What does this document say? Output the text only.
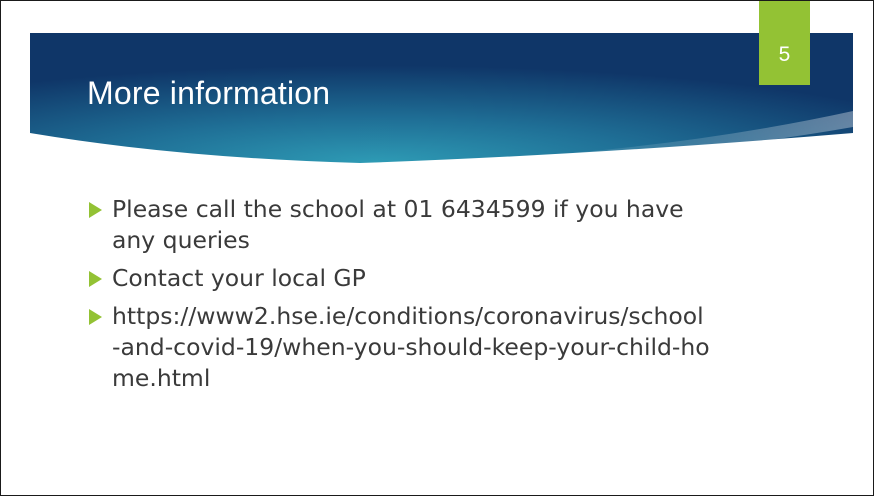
More information
5
Please call the school at 01 6434599 if you have any queries
Contact your local GP
https://www2.hse.ie/conditions/coronavirus/school-and-covid-19/when-you-should-keep-your-child-home.html
